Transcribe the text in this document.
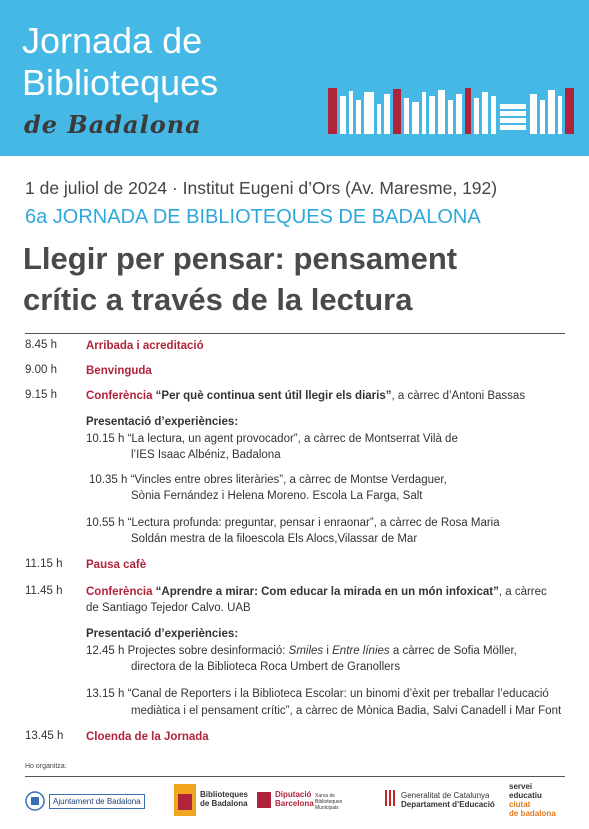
Jornada de
Biblioteques
de Badalona
1 de juliol de 2024 · Institut Eugeni d’Ors (Av. Maresme, 192)
6a JORNADA DE BIBLIOTEQUES DE BADALONA
Llegir per pensar: pensament
crític a través de la lectura
8.45 h	Arribada i acreditació
9.00 h	Benvinguda
9.15 h	Conferència “Per què continua sent útil llegir els diaris”, a càrrec d’Antoni Bassas
Presentació d’experiències:
10.15 h “La lectura, un agent provocador”, a càrrec de Montserrat Vilà de
l’IES Isaac Albéniz, Badalona
10.35 h “Vincles entre obres literàries”, a càrrec de Montse Verdaguer,
Sònia Fernández i Helena Moreno. Escola La Farga, Salt
10.55 h “Lectura profunda: preguntar, pensar i enraonar”, a càrrec de Rosa Maria
Soldán mestra de la filoescola Els Alocs,Vilassar de Mar
11.15 h Pausa cafè
11.45 h Conferència “Aprendre a mirar: Com educar la mirada en un món infoxicat”, a càrrec
de Santiago Tejedor Calvo. UAB
Presentació d’experiències:
12.45 h Projectes sobre desinformació: Smiles i Entre línies a càrrec de Sofia Möller,
directora de la Biblioteca Roca Umbert de Granollers
13.15 h “Canal de Reporters i la Biblioteca Escolar: un binomi d’èxit per treballar l’educació
mediàtica i el pensament crític”, a càrrec de Mònica Badia, Salvi Canadell i Mar Font
13.45 h Cloenda de la Jornada
Ho organitza:
Ajuntament de Badalona
Biblioteques
de Badalona
Diputació
Barcelona
Xarxa de Biblioteques Municipals
Generalitat de Catalunya
Departament d’Educació
servei
educatiu
ciutat
de badalona
